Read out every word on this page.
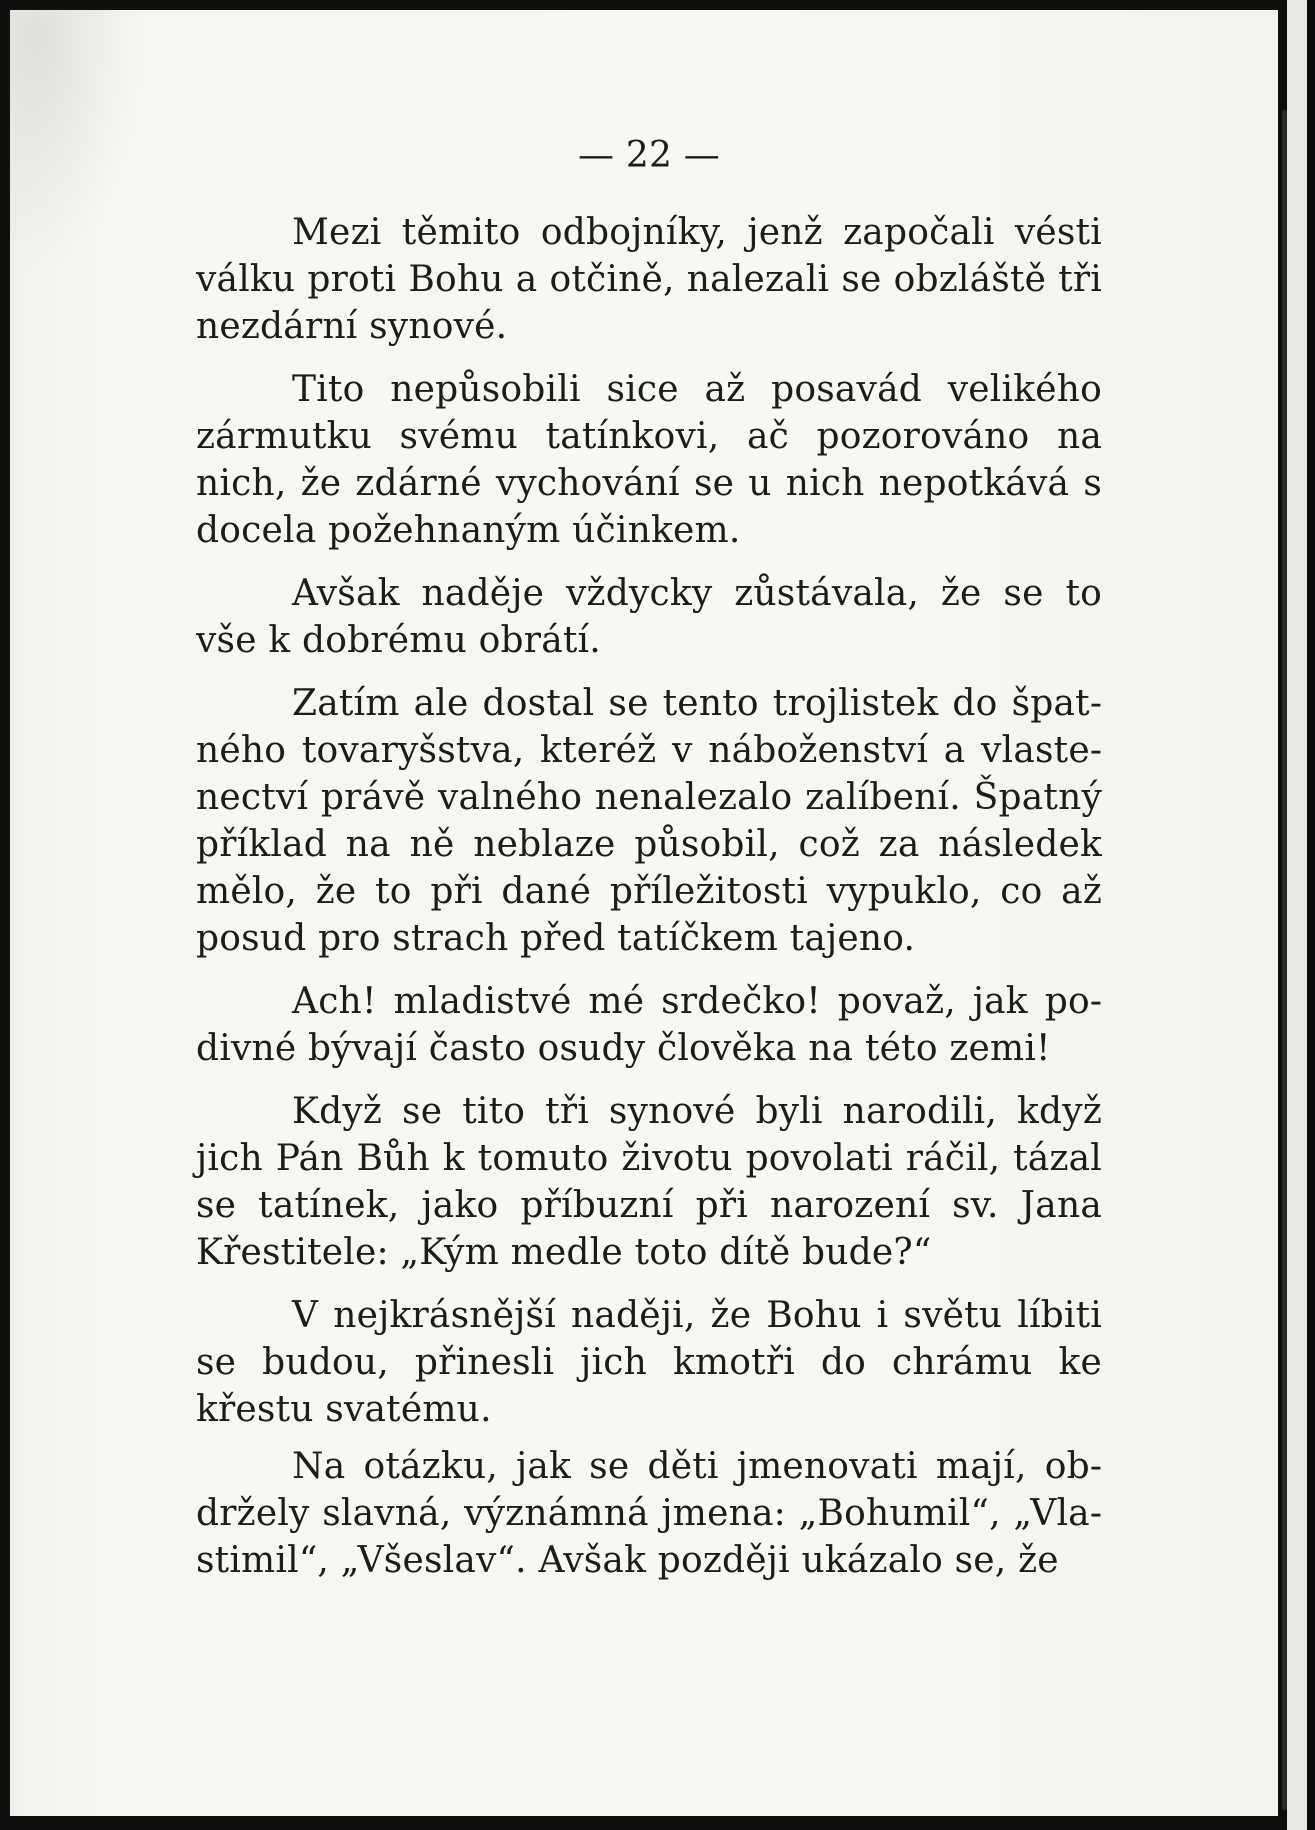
— 22 —

Mezi těmito odbojníky, jenž započali vésti válku proti Bohu a otčině, nalezali se obzláště tři nezdární synové.

Tito nepůsobili sice až posavád velikého zármutku svému tatínkovi, ač pozorováno na nich, že zdárné vychování se u nich nepotkává s docela požehnaným účinkem.

Avšak naděje vždycky zůstávala, že se to vše k dobrému obrátí.

Zatím ale dostal se tento trojlistek do špatného tovaryšstva, kteréž v náboženství a vlastenectví právě valného nenalezalo zalíbení. Špatný příklad na ně neblaze působil, což za následek mělo, že to při dané příležitosti vypuklo, co až posud pro strach před tatíčkem tajeno.

Ach! mladistvé mé srdečko! považ, jak podivné bývají často osudy člověka na této zemi!

Když se tito tři synové byli narodili, když jich Pán Bůh k tomuto životu povolati ráčil, tázal se tatínek, jako příbuzní při narození sv. Jana Křestitele: „Kým medle toto dítě bude?“

V nejkrásnější naději, že Bohu i světu líbiti se budou, přinesli jich kmotři do chrámu ke křestu svatému.

Na otázku, jak se děti jmenovati mají, obdržely slavná, význámná jmena: „Bohumil“, „Vlastimil“, „Všeslav“. Avšak později ukázalo se, že
